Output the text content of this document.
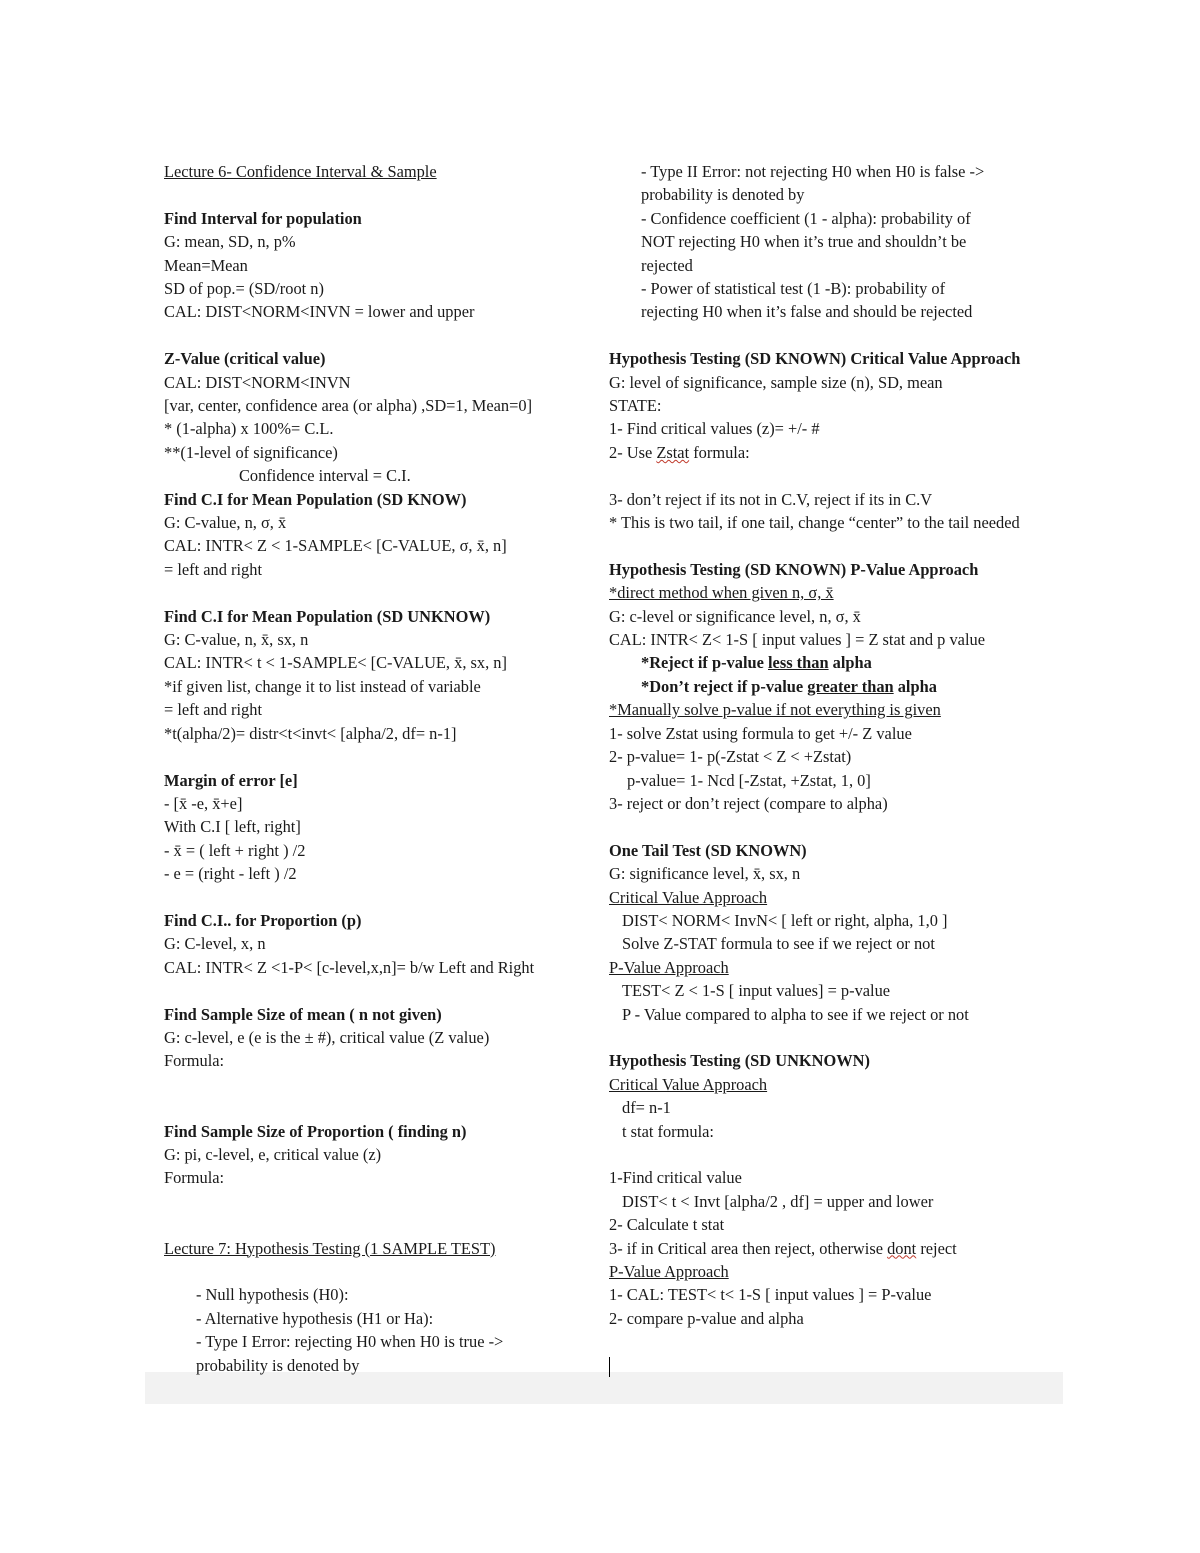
Lecture 6- Confidence Interval & Sample
Find Interval for population
G: mean, SD, n, p%
Mean=Mean
SD of pop.= (SD/root n)
CAL: DIST<NORM<INVN = lower and upper
Z-Value (critical value)
CAL: DIST<NORM<INVN
[var, center, confidence area (or alpha) ,SD=1, Mean=0]
* (1-alpha) x 100%= C.L.
**(1-level of significance)
Confidence interval = C.I.
Find C.I for Mean Population (SD KNOW)
G: C-value, n, σ, x̄
CAL: INTR< Z < 1-SAMPLE< [C-VALUE, σ, x̄, n]
= left and right
Find C.I for Mean Population (SD UNKNOW)
G: C-value, n, x̄, sx, n
CAL: INTR< t < 1-SAMPLE< [C-VALUE, x̄, sx, n]
*if given list, change it to list instead of variable
= left and right
*t(alpha/2)= distr<t<invt< [alpha/2, df= n-1]
Margin of error [e]
- [x̄ -e, x̄+e]
With C.I [ left, right]
- x̄ = ( left + right ) /2
- e = (right - left ) /2
Find C.I.. for Proportion (p)
G: C-level, x, n
CAL: INTR< Z <1-P< [c-level,x,n]= b/w Left and Right
Find Sample Size of mean ( n not given)
G: c-level, e (e is the ± #), critical value (Z value)
Formula:
Find Sample Size of Proportion ( finding n)
G: pi, c-level, e, critical value (z)
Formula:
Lecture 7: Hypothesis Testing (1 SAMPLE TEST)
- Null hypothesis (H0):
- Alternative hypothesis (H1 or Ha):
- Type I Error: rejecting H0 when H0 is true ->
probability is denoted by
- Type II Error: not rejecting H0 when H0 is false ->
probability is denoted by
- Confidence coefficient (1 - alpha): probability of
NOT rejecting H0 when it’s true and shouldn’t be
rejected
- Power of statistical test (1 -B): probability of
rejecting H0 when it’s false and should be rejected
Hypothesis Testing (SD KNOWN) Critical Value Approach
G: level of significance, sample size (n), SD, mean
STATE:
1- Find critical values (z)= +/- #
2- Use Zstat formula:
3- don’t reject if its not in C.V, reject if its in C.V
* This is two tail, if one tail, change “center” to the tail needed
Hypothesis Testing (SD KNOWN) P-Value Approach
*direct method when given n, σ, x̄
G: c-level or significance level, n, σ, x̄
CAL: INTR< Z< 1-S [ input values ] = Z stat and p value
*Reject if p-value less than alpha
*Don’t reject if p-value greater than alpha
*Manually solve p-value if not everything is given
1- solve Zstat using formula to get +/- Z value
2- p-value= 1- p(-Zstat < Z < +Zstat)
p-value= 1- Ncd [-Zstat, +Zstat, 1, 0]
3- reject or don’t reject (compare to alpha)
One Tail Test (SD KNOWN)
G: significance level, x̄, sx, n
Critical Value Approach
DIST< NORM< InvN< [ left or right, alpha, 1,0 ]
Solve Z-STAT formula to see if we reject or not
P-Value Approach
TEST< Z < 1-S [ input values] = p-value
P - Value compared to alpha to see if we reject or not
Hypothesis Testing (SD UNKNOWN)
Critical Value Approach
df= n-1
t stat formula:
1-Find critical value
DIST< t < Invt [alpha/2 , df] = upper and lower
2- Calculate t stat
3- if in Critical area then reject, otherwise dont reject
P-Value Approach
1- CAL: TEST< t< 1-S [ input values ] = P-value
2- compare p-value and alpha
